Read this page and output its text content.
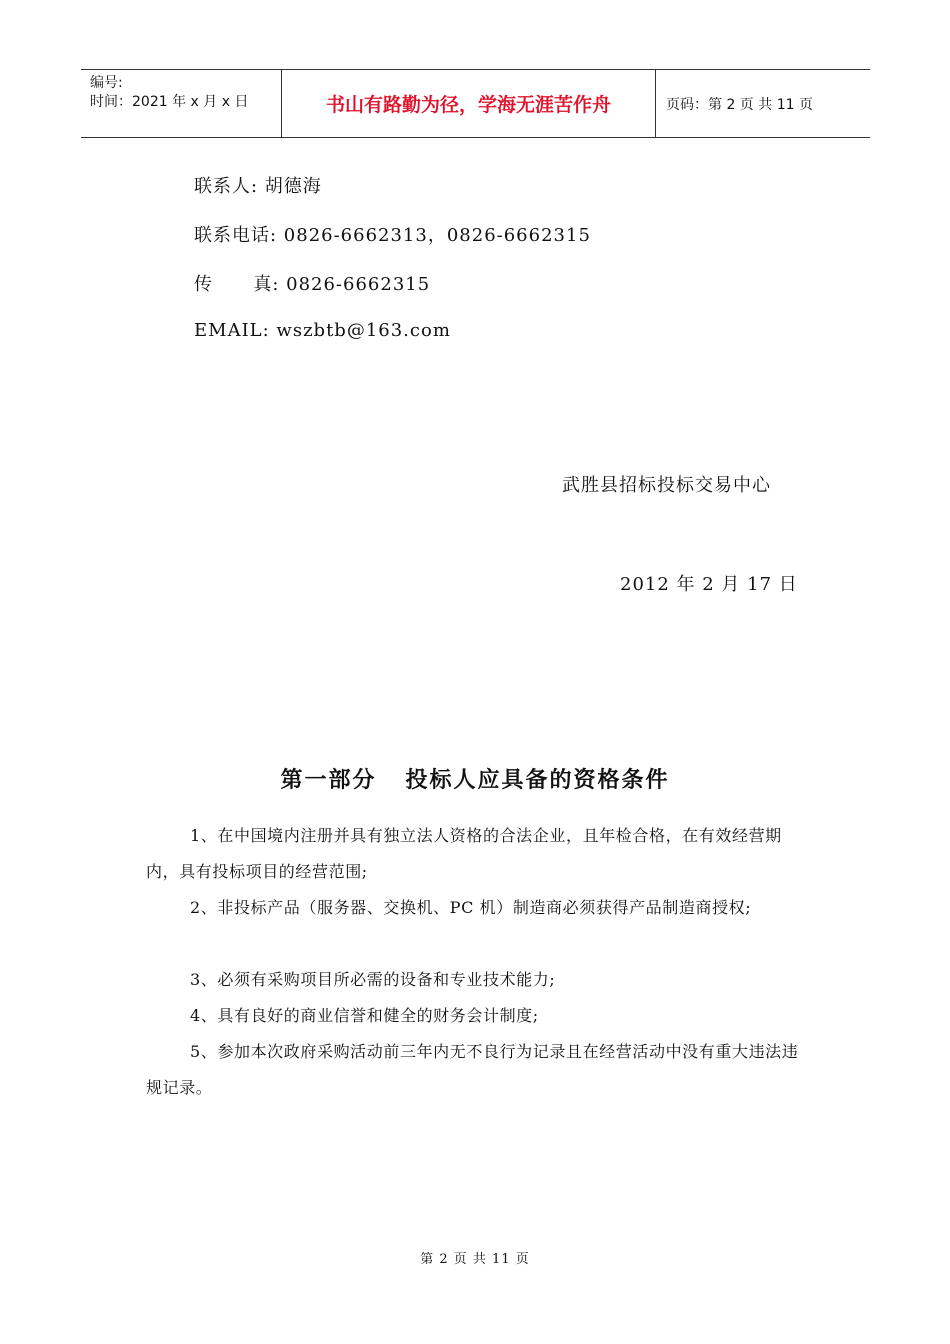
编号:
时间：2021 年 x 月 x 日	书山有路勤为径，学海无涯苦作舟	页码：第 2 页 共 11 页
联系人: 胡德海
联系电话: 0826-6662313，0826-6662315
传      真: 0826-6662315
EMAIL: wszbtb@163.com
武胜县招标投标交易中心
2012 年 2 月 17 日
第一部分   投标人应具备的资格条件
1、在中国境内注册并具有独立法人资格的合法企业，且年检合格，在有效经营期内，具有投标项目的经营范围;
2、非投标产品（服务器、交换机、PC 机）制造商必须获得产品制造商授权;
3、必须有采购项目所必需的设备和专业技术能力;
4、具有良好的商业信誉和健全的财务会计制度;
5、参加本次政府采购活动前三年内无不良行为记录且在经营活动中没有重大违法违规记录。
第 2 页 共 11 页
